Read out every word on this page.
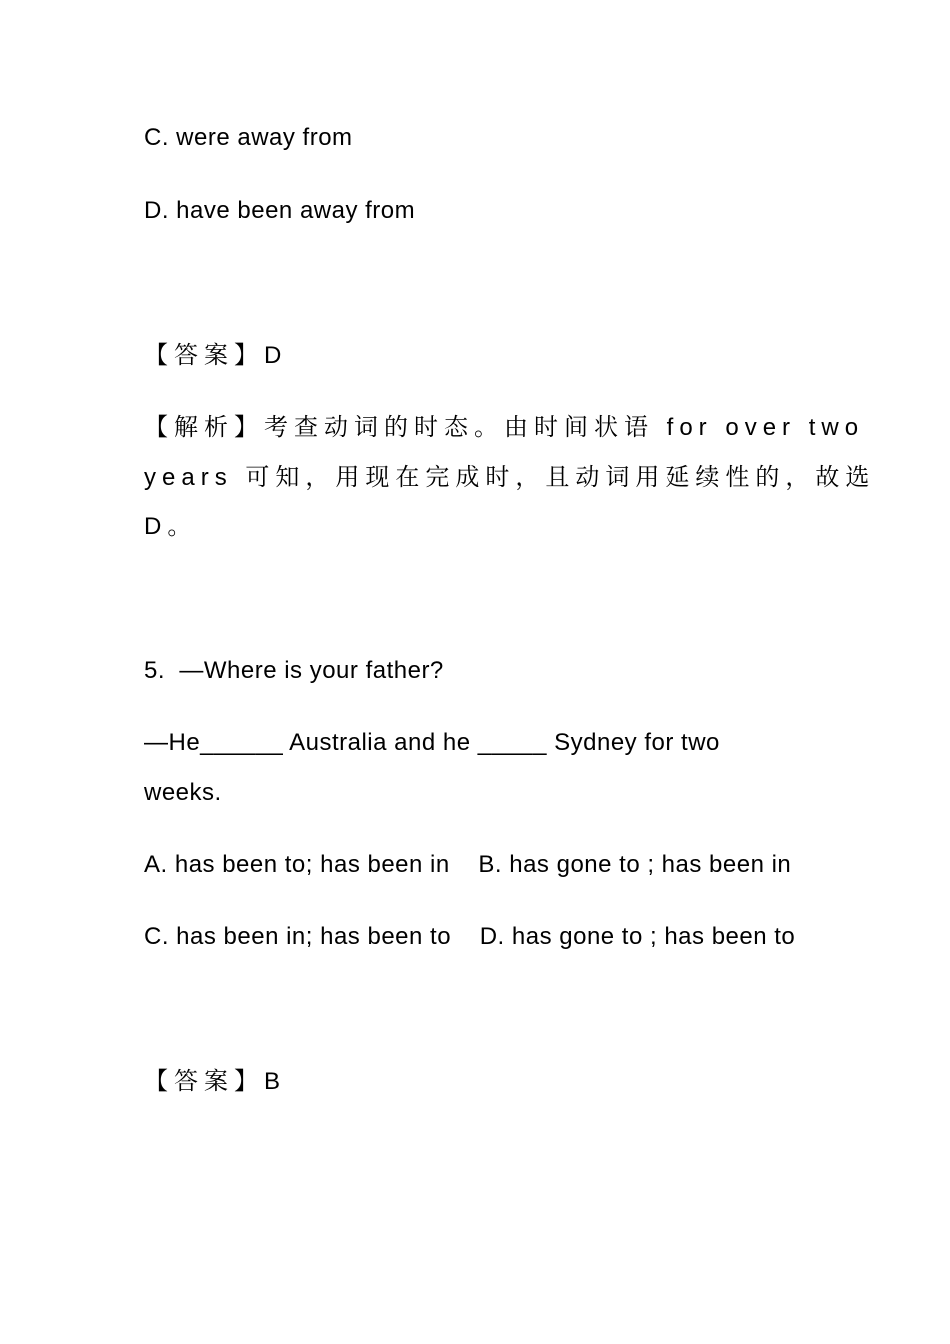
C. were away from
D. have been away from
【答案】D
【解析】考查动词的时态。由时间状语 for over two
years 可知，用现在完成时，且动词用延续性的，故选
D。
5.  —Where is your father?
—He______ Australia and he _____ Sydney for two
weeks.
A. has been to; has been in    B. has gone to ; has been in
C. has been in; has been to    D. has gone to ; has been to
【答案】B
